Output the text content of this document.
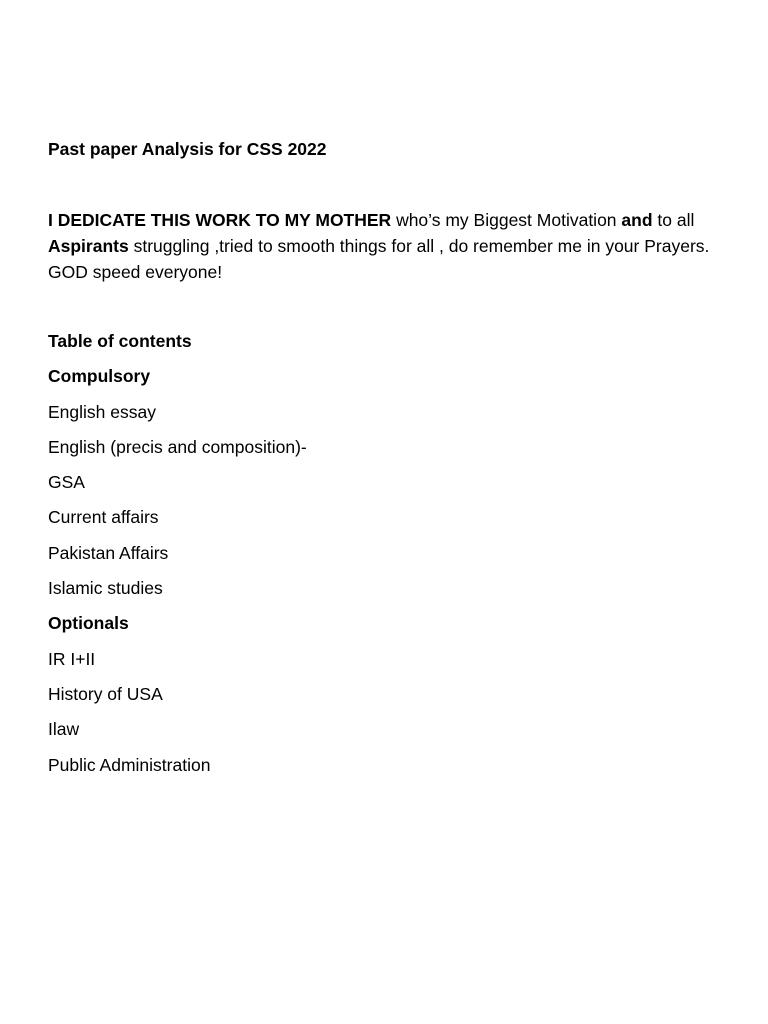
Past paper Analysis for CSS 2022
I DEDICATE THIS WORK TO MY MOTHER who’s my Biggest Motivation and to all Aspirants struggling ,tried to smooth things for all , do remember me in your Prayers. GOD speed everyone!
Table of contents
Compulsory
English essay
English (precis and composition)-
GSA
Current affairs
Pakistan Affairs
Islamic studies
Optionals
IR I+II
History of USA
Ilaw
Public Administration
